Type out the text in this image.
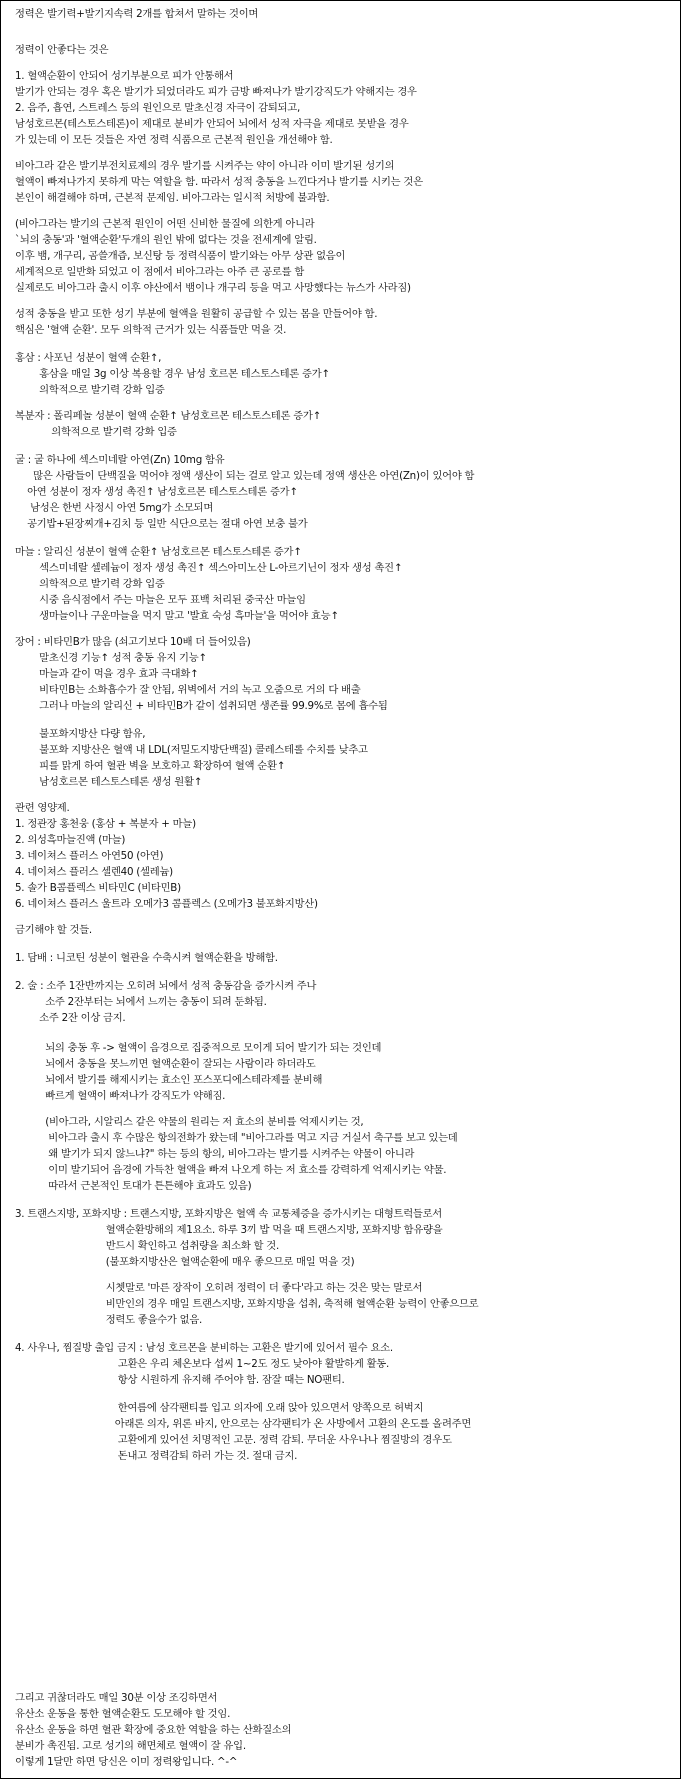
정력은 발기력+발기지속력 2개를 합쳐서 말하는 것이며
정력이 안좋다는 것은
1. 혈액순환이 안되어 성기부분으로 피가 안통해서
발기가 안되는 경우 혹은 발기가 되었더라도 피가 금방 빠져나가 발기강직도가 약해지는 경우
2. 음주, 흡연, 스트레스 등의 원인으로 말초신경 자극이 감퇴되고,
남성호르몬(테스토스테론)이 제대로 분비가 안되어 뇌에서 성적 자극을 제대로 못받을 경우
가 있는데 이 모든 것들은 자연 정력 식품으로 근본적 원인을 개선해야 함.
비아그라 같은 발기부전치료제의 경우 발기를 시켜주는 약이 아니라 이미 발기된 성기의
혈액이 빠져나가지 못하게 막는 역할을 함. 따라서 성적 충동을 느낀다거나 발기를 시키는 것은
본인이 해결해야 하며, 근본적 문제임. 비아그라는 일시적 처방에 불과함.
(비아그라는 발기의 근본적 원인이 어떤 신비한 물질에 의한게 아니라
`뇌의 충동'과 '혈액순환'두개의 원인 밖에 없다는 것을 전세계에 알림.
이후 뱀, 개구리, 곰쓸개즙, 보신탕 등 정력식품이 발기와는 아무 상관 없음이
세계적으로 일반화 되었고 이 점에서 비아그라는 아주 큰 공로를 함
실제로도 비아그라 출시 이후 야산에서 뱀이나 개구리 등을 먹고 사망했다는 뉴스가 사라짐)
성적 충동을 받고 또한 성기 부분에 혈액을 원활히 공급할 수 있는 몸을 만들어야 함.
핵심은 '혈액 순환'. 모두 의학적 근거가 있는 식품들만 먹을 것.
홍삼 : 사포닌 성분이 혈액 순환↑,
홍삼을 매일 3g 이상 복용할 경우 남성 호르몬 테스토스테론 증가↑
의학적으로 발기력 강화 입증
복분자 : 폴리페놀 성분이 혈액 순환↑ 남성호르몬 테스토스테론 증가↑
의학적으로 발기력 강화 입증
굴 : 굴 하나에 섹스미네랄 아연(Zn) 10mg 함유
많은 사람들이 단백질을 먹어야 정액 생산이 되는 걸로 알고 있는데 정액 생산은 아연(Zn)이 있어야 함
아연 성분이 정자 생성 촉진↑ 남성호르몬 테스토스테론 증가↑
남성은 한번 사정시 아연 5mg가 소모되며
공기밥+된장찌개+김치 등 일반 식단으로는 절대 아연 보충 불가
마늘 : 알리신 성분이 혈액 순환↑ 남성호르몬 테스토스테론 증가↑
섹스미네랄 셀레늄이 정자 생성 촉진↑ 섹스아미노산 L-아르기닌이 정자 생성 촉진↑
의학적으로 발기력 강화 입증
시중 음식점에서 주는 마늘은 모두 표백 처리된 중국산 마늘임
생마늘이나 구운마늘을 먹지 말고 '발효 숙성 흑마늘'을 먹어야 효능↑
장어 : 비타민B가 많음 (쇠고기보다 10배 더 들어있음)
말초신경 기능↑ 성적 충동 유지 기능↑
마늘과 같이 먹을 경우 효과 극대화↑
비타민B는 소화흡수가 잘 안됨, 위벽에서 거의 녹고 오줌으로 거의 다 배출
그러나 마늘의 알리신 + 비타민B가 같이 섭취되면 생존률 99.9%로 몸에 흡수됨
불포화지방산 다량 함유,
불포화 지방산은 혈액 내 LDL(저밀도지방단백질) 콜레스테롤 수치를 낮추고
피를 맑게 하여 혈관 벽을 보호하고 확장하여 혈액 순환↑
남성호르몬 테스토스테론 생성 원활↑
관련 영양제.
1. 정관장 홍천웅 (홍삼 + 복분자 + 마늘)
2. 의성흑마늘진액 (마늘)
3. 네이쳐스 플러스 아연50 (아연)
4. 네이쳐스 플러스 셀렌40 (셀레늄)
5. 솔가 B콤플렉스 비타민C (비타민B)
6. 네이쳐스 플러스 울트라 오메가3 콤플렉스 (오메가3 불포화지방산)
금기해야 할 것들.
1. 담배 : 니코틴 성분이 혈관을 수축시켜 혈액순환을 방해함.
2. 술 : 소주 1잔반까지는 오히려 뇌에서 성적 충동감을 증가시켜 주나
소주 2잔부터는 뇌에서 느끼는 충동이 되려 둔화됨.
소주 2잔 이상 금지.
뇌의 충동 후 -> 혈액이 음경으로 집중적으로 모이게 되어 발기가 되는 것인데
뇌에서 충동을 못느끼면 혈액순환이 잘되는 사람이라 하더라도
뇌에서 발기를 해제시키는 효소인 포스포디에스테라제를 분비해
빠르게 혈액이 빠져나가 강직도가 약해짐.
(비아그라, 시알리스 같은 약물의 원리는 저 효소의 분비를 억제시키는 것,
비아그라 출시 후 수많은 항의전화가 왔는데 "비아그라를 먹고 지금 거실서 축구를 보고 있는데
왜 발기가 되지 않느냐?" 하는 등의 항의, 비아그라는 발기를 시켜주는 약물이 아니라
이미 발기되어 음경에 가득찬 혈액을 빠져 나오게 하는 저 효소를 강력하게 억제시키는 약물.
따라서 근본적인 토대가 튼튼해야 효과도 있음)
3. 트랜스지방, 포화지방 : 트랜스지방, 포화지방은 혈액 속 교통체증을 증가시키는 대형트럭들로서
혈액순환방해의 제1요소. 하루 3끼 밥 먹을 때 트랜스지방, 포화지방 함유량을
반드시 확인하고 섭취량을 최소화 할 것.
(불포화지방산은 혈액순환에 매우 좋으므로 매일 먹을 것)
시쳇말로 '마른 장작이 오히려 정력이 더 좋다'라고 하는 것은 맞는 말로서
비만인의 경우 매일 트랜스지방, 포화지방을 섭취, 축적해 혈액순환 능력이 안좋으므로
정력도 좋을수가 없음.
4. 사우나, 찜질방 출입 금지 : 남성 호르몬을 분비하는 고환은 발기에 있어서 필수 요소.
고환은 우리 체온보다 섭씨 1~2도 정도 낮아야 활발하게 활동.
항상 시원하게 유지해 주어야 함. 잠잘 때는 NO팬티.
한여름에 삼각팬티를 입고 의자에 오래 앉아 있으면서 양쪽으로 허벅지
아래론 의자, 위론 바지, 안으로는 삼각팬티가 온 사방에서 고환의 온도를 올려주면
고환에게 있어선 치명적인 고문. 정력 감퇴. 무더운 사우나나 찜질방의 경우도
돈내고 정력감퇴 하러 가는 것. 절대 금지.
그리고 귀찮더라도 매일 30분 이상 조깅하면서
유산소 운동을 통한 혈액순환도 도모해야 할 것임.
유산소 운동을 하면 혈관 확장에 중요한 역할을 하는 산화질소의
분비가 촉진됨. 고로 성기의 해면체로 혈액이 잘 유입.
이렇게 1달만 하면 당신은 이미 정력왕입니다. ^-^
